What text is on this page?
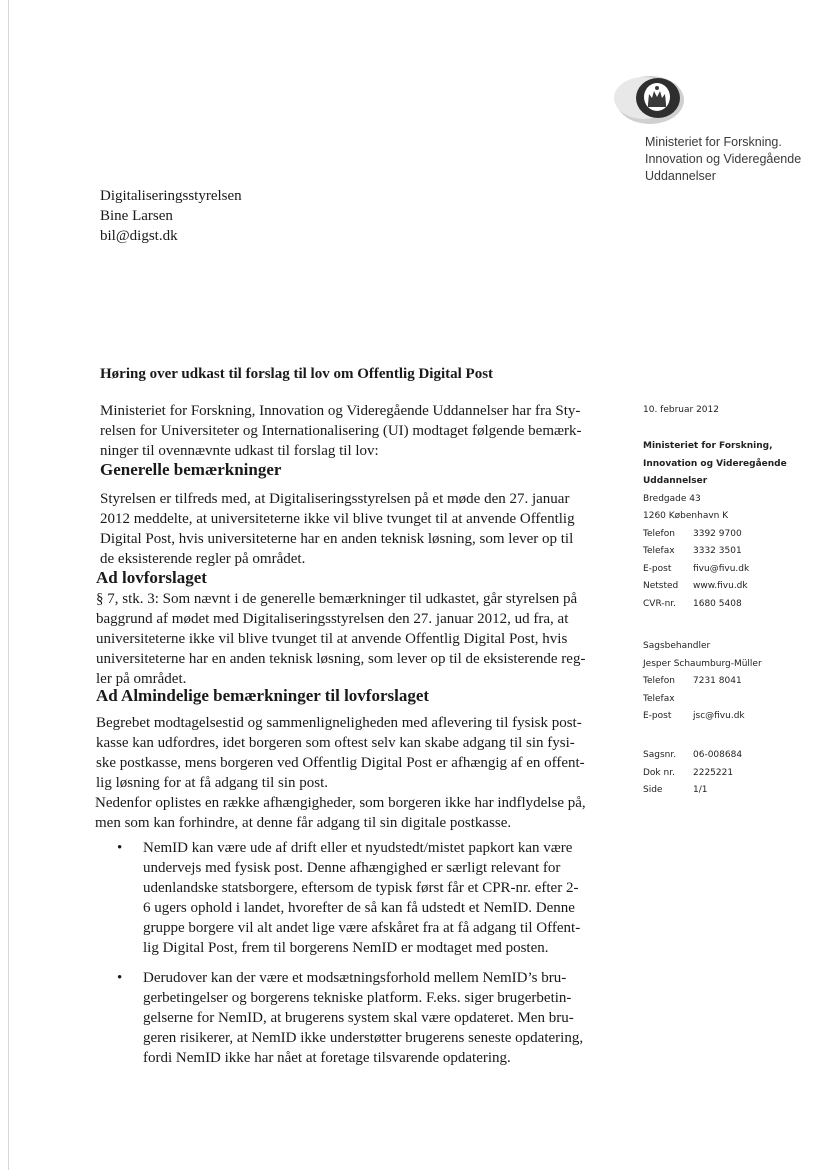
Ministeriet for Forskning.
Innovation og Videregående
Uddannelser
Digitaliseringsstyrelsen
Bine Larsen
bil@digst.dk
Høring over udkast til forslag til lov om Offentlig Digital Post
Ministeriet for Forskning, Innovation og Videregående Uddannelser har fra Sty-
relsen for Universiteter og Internationalisering (UI) modtaget følgende bemærk-
ninger til ovennævnte udkast til forslag til lov:
Generelle bemærkninger
Styrelsen er tilfreds med, at Digitaliseringsstyrelsen på et møde den 27. januar
2012 meddelte, at universiteterne ikke vil blive tvunget til at anvende Offentlig
Digital Post, hvis universiteterne har en anden teknisk løsning, som lever op til
de eksisterende regler på området.
Ad lovforslaget
§ 7, stk. 3: Som nævnt i de generelle bemærkninger til udkastet, går styrelsen på
baggrund af mødet med Digitaliseringsstyrelsen den 27. januar 2012, ud fra, at
universiteterne ikke vil blive tvunget til at anvende Offentlig Digital Post, hvis
universiteterne har en anden teknisk løsning, som lever op til de eksisterende reg-
ler på området.
Ad Almindelige bemærkninger til lovforslaget
Begrebet modtagelsestid og sammenligneligheden med aflevering til fysisk post-
kasse kan udfordres, idet borgeren som oftest selv kan skabe adgang til sin fysi-
ske postkasse, mens borgeren ved Offentlig Digital Post er afhængig af en offent-
lig løsning for at få adgang til sin post.
Nedenfor oplistes en række afhængigheder, som borgeren ikke har indflydelse på,
men som kan forhindre, at denne får adgang til sin digitale postkasse.
• NemID kan være ude af drift eller et nyudstedt/mistet papkort kan være
undervejs med fysisk post. Denne afhængighed er særligt relevant for
udenlandske statsborgere, eftersom de typisk først får et CPR-nr. efter 2-
6 ugers ophold i landet, hvorefter de så kan få udstedt et NemID. Denne
gruppe borgere vil alt andet lige være afskåret fra at få adgang til Offent-
lig Digital Post, frem til borgerens NemID er modtaget med posten.
• Derudover kan der være et modsætningsforhold mellem NemID’s bru-
gerbetingelser og borgerens tekniske platform. F.eks. siger brugerbetin-
gelserne for NemID, at brugerens system skal være opdateret. Men bru-
geren risikerer, at NemID ikke understøtter brugerens seneste opdatering,
fordi NemID ikke har nået at foretage tilsvarende opdatering.
10. februar 2012
Ministeriet for Forskning,
Innovation og Videregående
Uddannelser
Bredgade 43
1260 København K
Telefon	3392 9700
Telefax	3332 3501
E-post	fivu@fivu.dk
Netsted	www.fivu.dk
CVR-nr.	1680 5408
Sagsbehandler
Jesper Schaumburg-Müller
Telefon	7231 8041
Telefax
E-post	jsc@fivu.dk
Sagsnr.	06-008684
Dok nr.	2225221
Side	1/1
